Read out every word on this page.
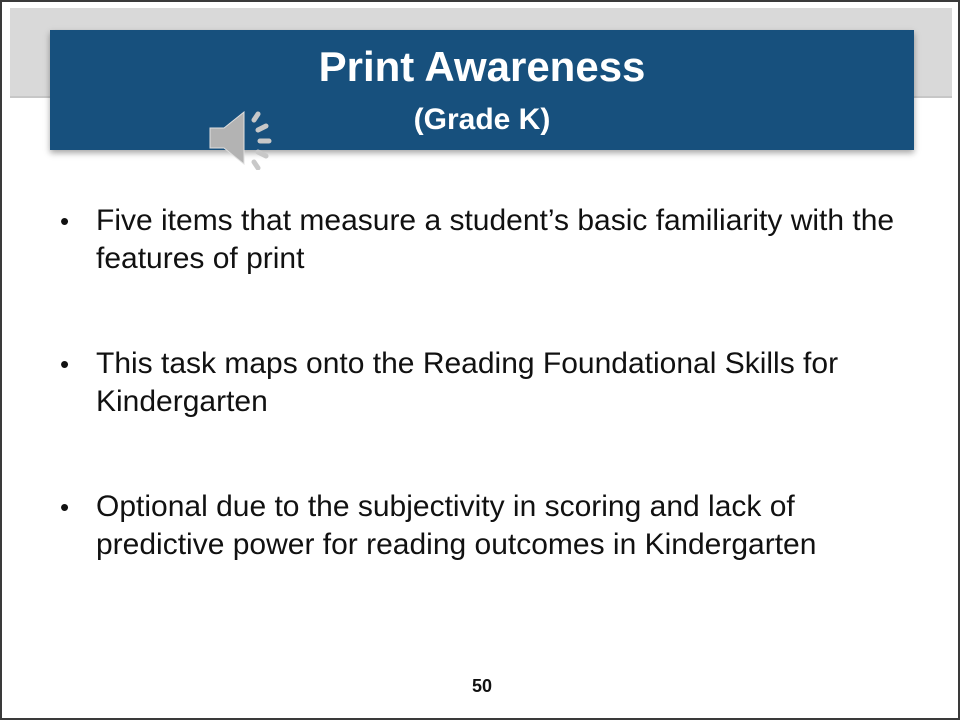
Print Awareness
(Grade K)
• Five items that measure a student’s basic familiarity with the features of print
• This task maps onto the Reading Foundational Skills for Kindergarten
• Optional due to the subjectivity in scoring and lack of predictive power for reading outcomes in Kindergarten
50
